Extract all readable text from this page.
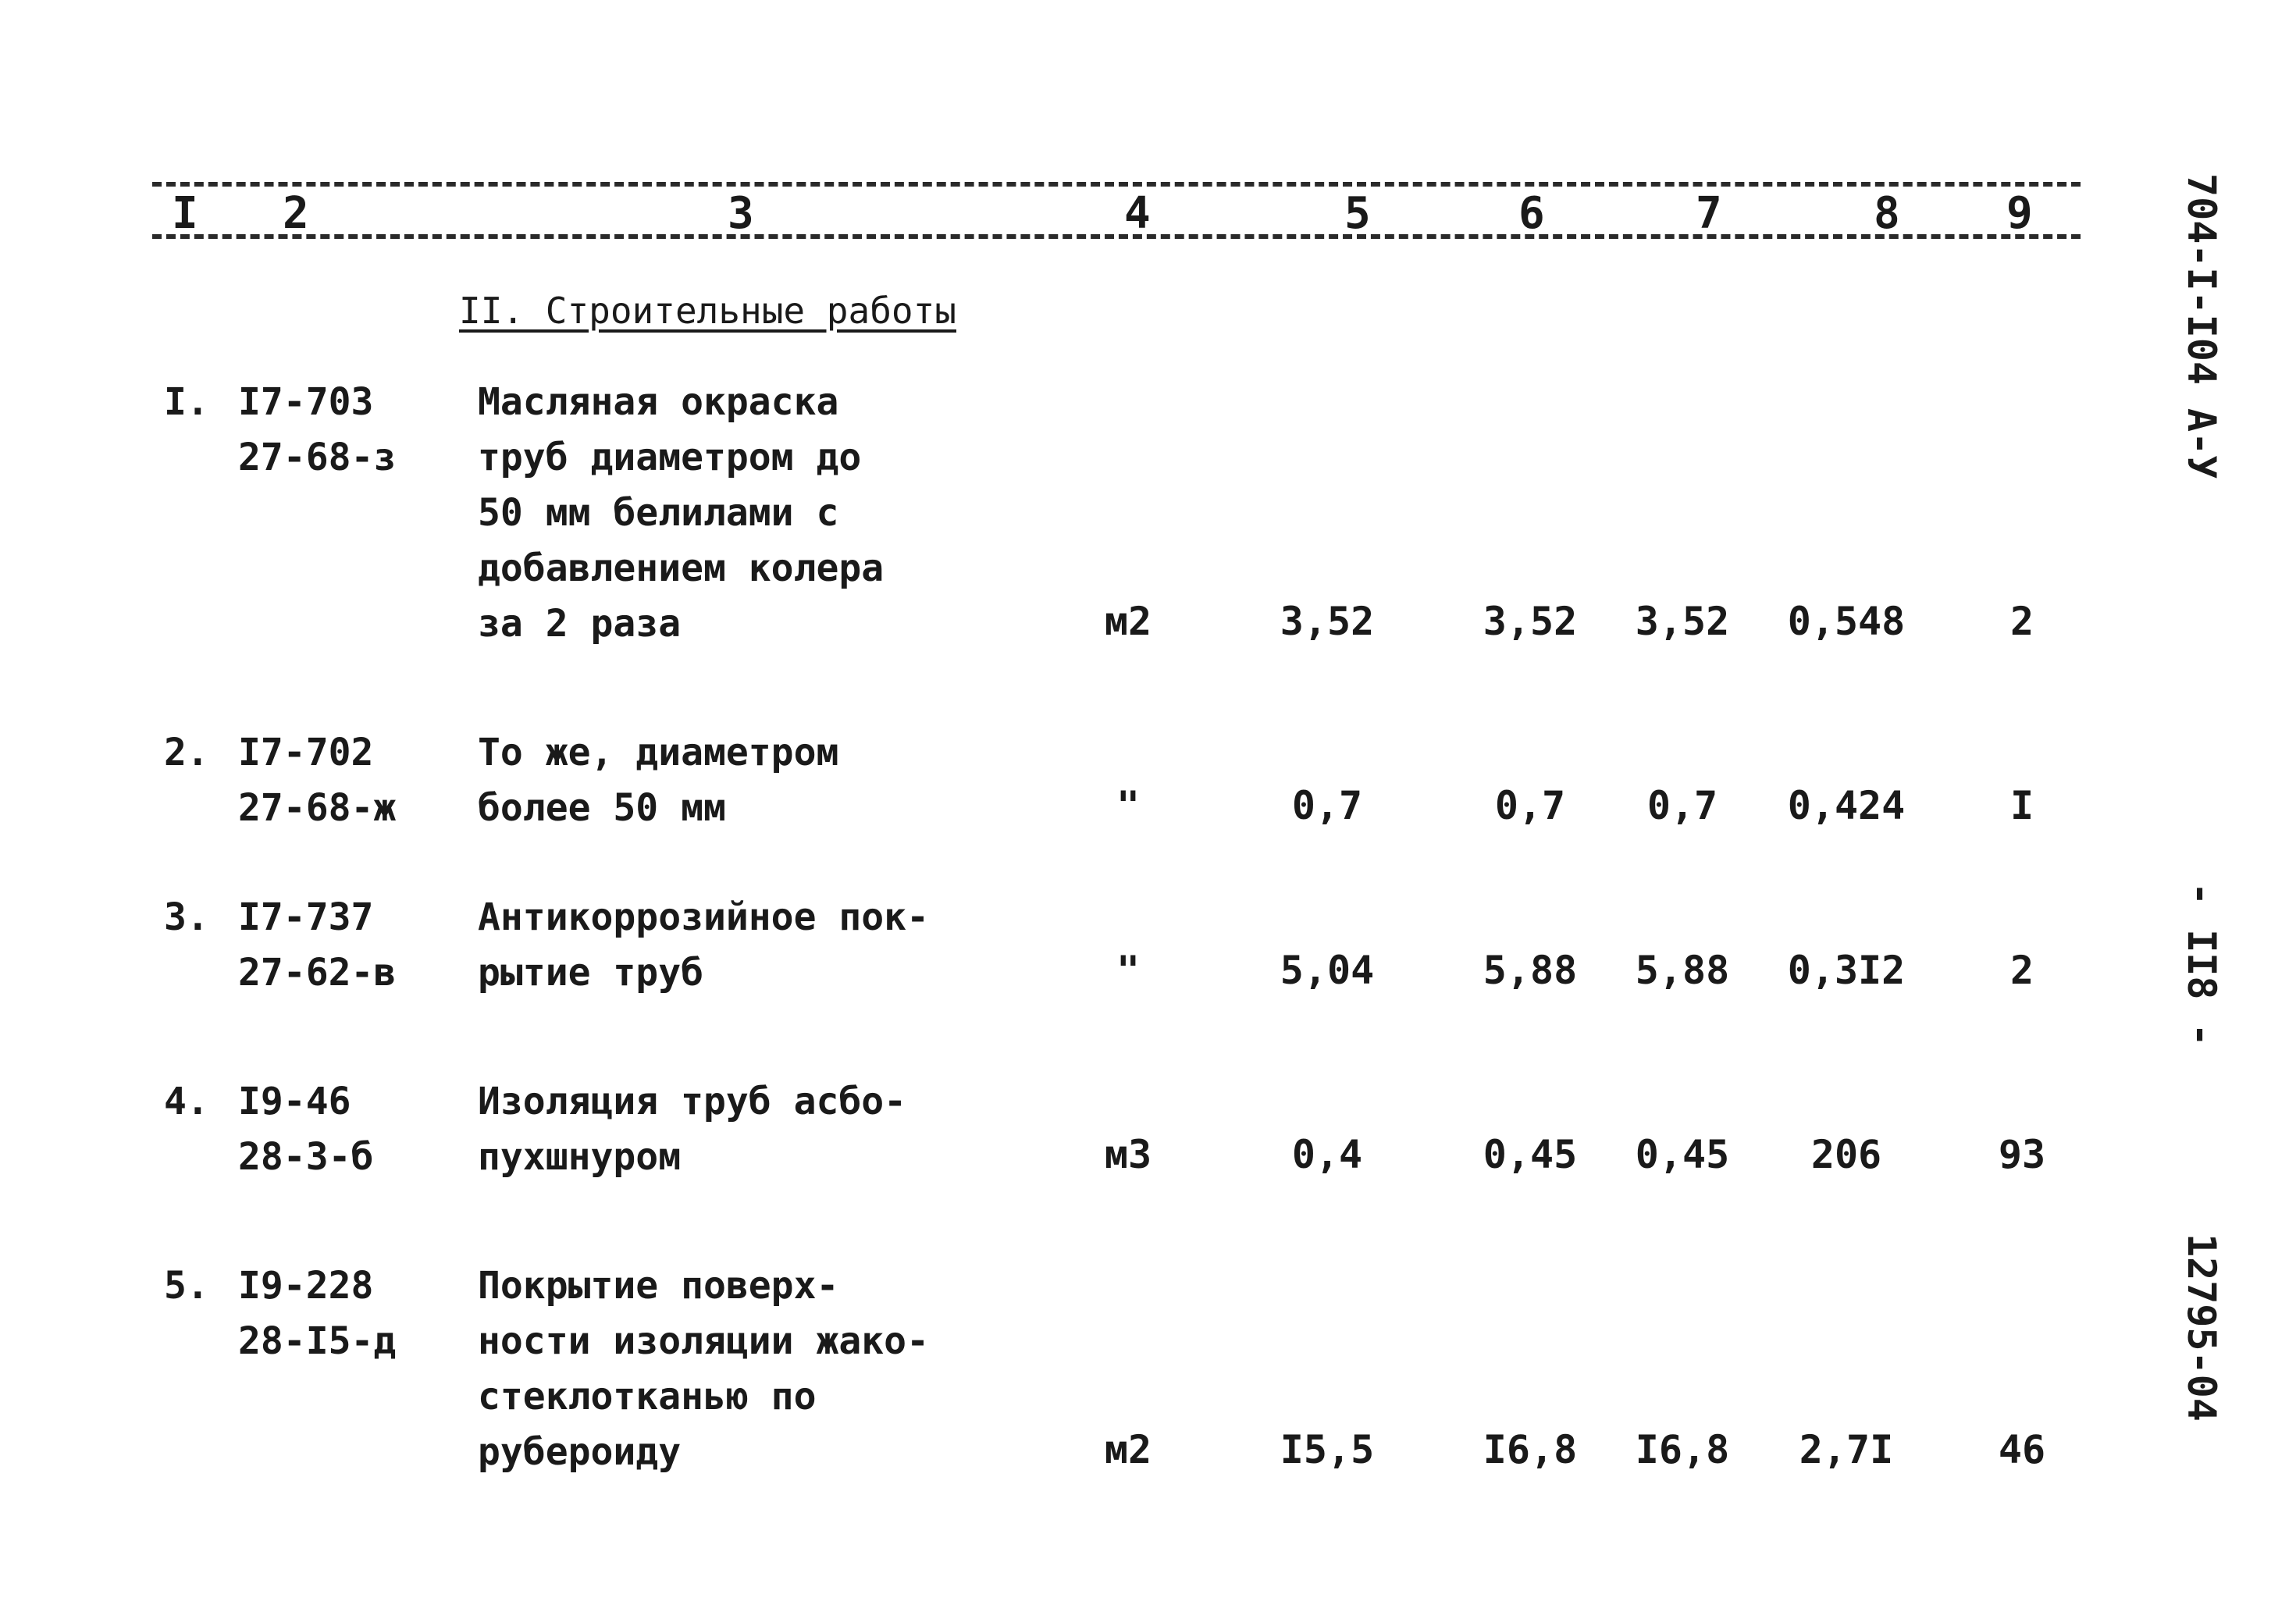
I 2	3	4	5	6	7	8 9
II. Строительные работы
I. I7-703
27-68-з
Масляная окраска
труб диаметром до
50 мм белилами с
добавлением колера
за 2 раза	м2	3,52	3,52	3,52	0,548	2
2. I7-702
27-68-ж
То же, диаметром
более 50 мм	"	0,7	0,7	0,7	0,424	I
3. I7-737
27-62-в
Антикоррозийное пок-
рытие труб	"	5,04	5,88	5,88	0,3I2	2
4. I9-46
28-3-б
Изоляция труб асбо-
пухшнуром	м3	0,4	0,45	0,45	206	93
5. I9-228
28-I5-д
Покрытие поверх-
ности изоляции жако-
стеклотканью по
рубероиду	м2	I5,5	I6,8	I6,8	2,7I	46
704-I-I04 А-У
- II8 -
12795-04
